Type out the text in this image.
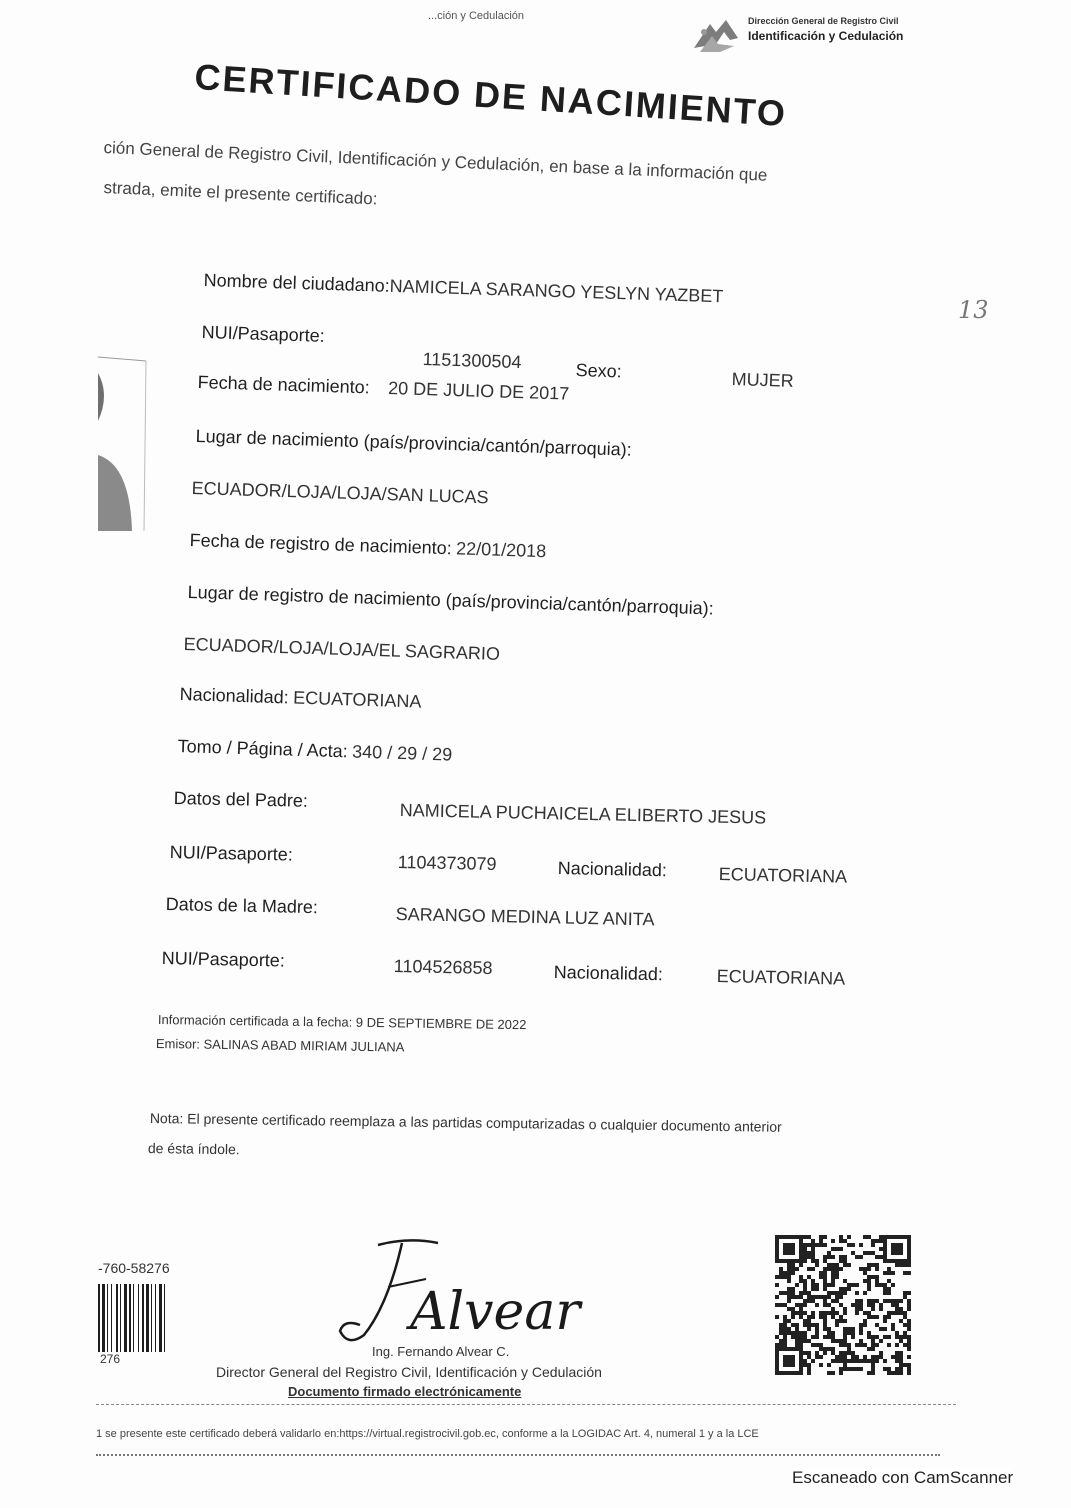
...ción y Cedulación	Dirección General de Registro Civil
Identificación y Cedulación
CERTIFICADO DE NACIMIENTO
ción General de Registro Civil, Identificación y Cedulación, en base a la información que
strada, emite el presente certificado:
13
Nombre del ciudadano:NAMICELA SARANGO YESLYN YAZBET
NUI/Pasaporte:
1151300504	Sexo:	MUJER
Fecha de nacimiento: 20 DE JULIO DE 2017
Lugar de nacimiento (país/provincia/cantón/parroquia):
ECUADOR/LOJA/LOJA/SAN LUCAS
Fecha de registro de nacimiento: 22/01/2018
Lugar de registro de nacimiento (país/provincia/cantón/parroquia):
ECUADOR/LOJA/LOJA/EL SAGRARIO
Nacionalidad: ECUATORIANA
Tomo / Página / Acta: 340 / 29 / 29
Datos del Padre:
NAMICELA PUCHAICELA ELIBERTO JESUS
NUI/Pasaporte:	1104373079	Nacionalidad:	ECUATORIANA
Datos de la Madre:	SARANGO MEDINA LUZ ANITA
NUI/Pasaporte:	1104526858	Nacionalidad:	ECUATORIANA
Información certificada a la fecha: 9 DE SEPTIEMBRE DE 2022
Emisor: SALINAS ABAD MIRIAM JULIANA
Nota: El presente certificado reemplaza a las partidas computarizadas o cualquier documento anterior
de ésta índole.
-760-58276
276
Alvear
Ing. Fernando Alvear C.
Director General del Registro Civil, Identificación y Cedulación
Documento firmado electrónicamente
1 se presente este certificado deberá validarlo en:https://virtual.registrocivil.gob.ec, conforme a la LOGIDAC Art. 4, numeral 1 y a la LCE
Escaneado con CamScanner
